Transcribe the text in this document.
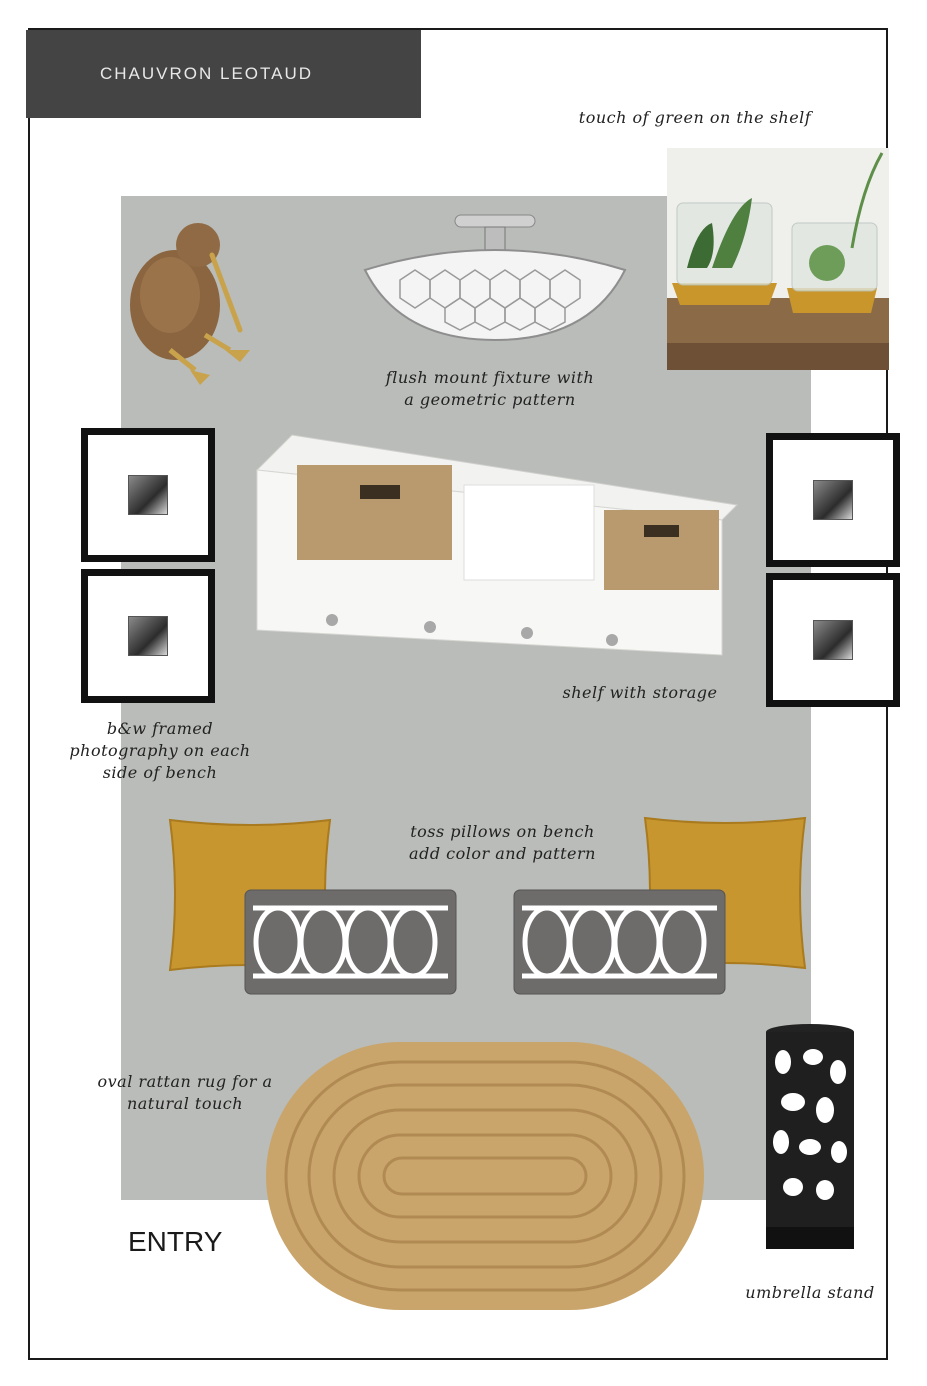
CHAUVRON LEOTAUD
touch of green on the shelf
flush mount fixture with
a geometric pattern
shelf with storage
b&w framed
photography on each
side of bench
toss pillows on bench
add color and pattern
oval rattan rug for a
natural touch
umbrella stand
ENTRY
